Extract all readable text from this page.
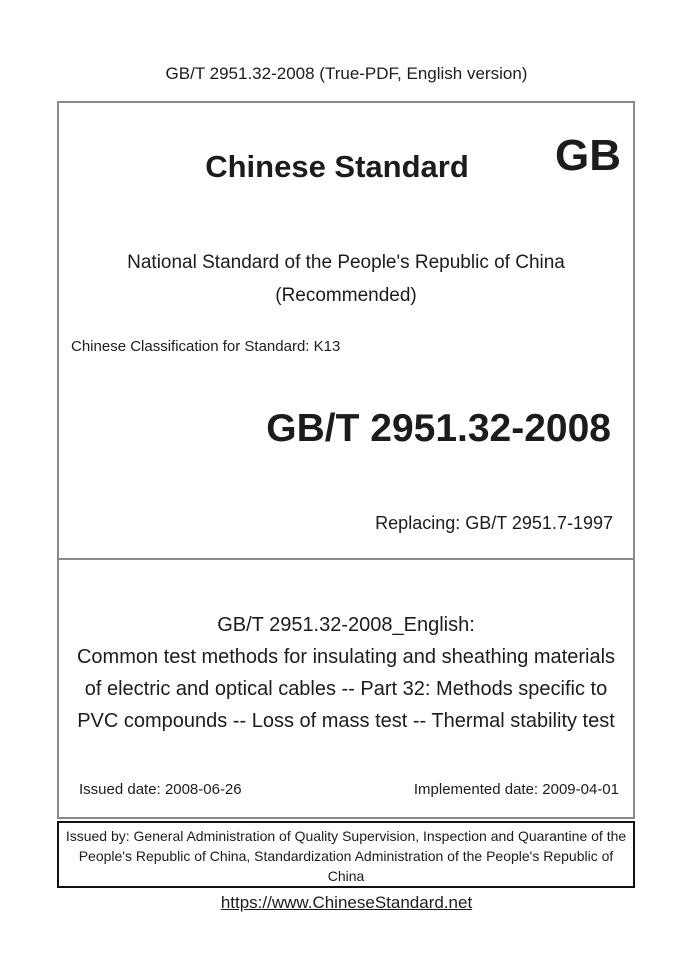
GB/T 2951.32-2008 (True-PDF, English version)
Chinese Standard	GB
National Standard of the People's Republic of China
(Recommended)
Chinese Classification for Standard: K13
GB/T 2951.32-2008
Replacing: GB/T 2951.7-1997
GB/T 2951.32-2008_English:
Common test methods for insulating and sheathing materials
of electric and optical cables -- Part 32: Methods specific to
PVC compounds -- Loss of mass test -- Thermal stability test
Issued date: 2008-06-26	Implemented date: 2009-04-01
Issued by: General Administration of Quality Supervision, Inspection and Quarantine of the People's Republic of China, Standardization Administration of the People's Republic of China
https://www.ChineseStandard.net
